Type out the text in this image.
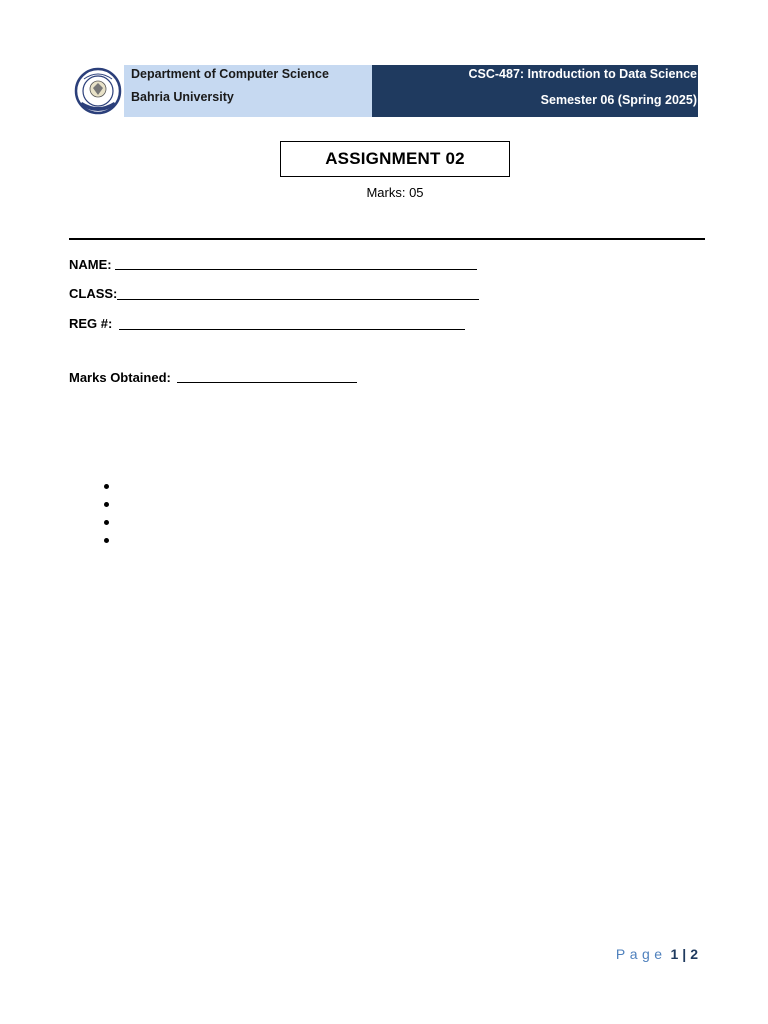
Department of Computer Science
Bahria University
CSC-487: Introduction to Data Science
Semester 06 (Spring 2025)
ASSIGNMENT 02
Marks: 05
NAME:
CLASS:
REG #:
Marks Obtained:
Page 1 | 2
